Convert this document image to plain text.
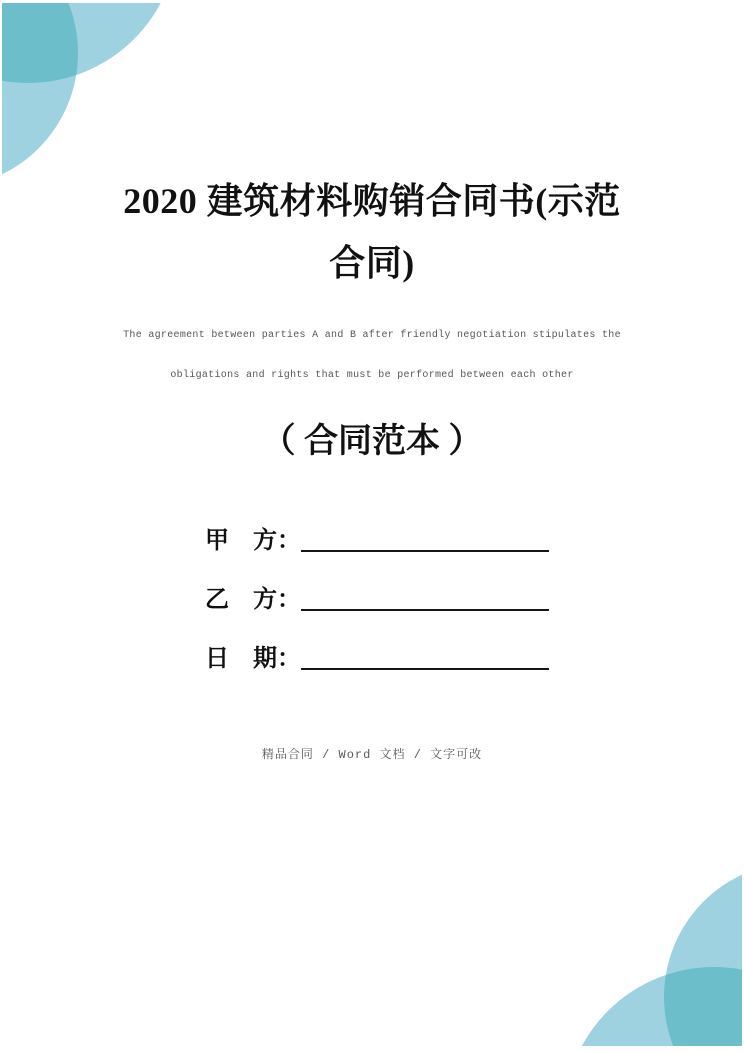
2020 建筑材料购销合同书(示范
合同)
The agreement between parties A and B after friendly negotiation stipulates the
obligations and rights that must be performed between each other
（ 合同范本 ）
甲　方：
乙　方：
日　期：
精品合同 / Word 文档 / 文字可改
